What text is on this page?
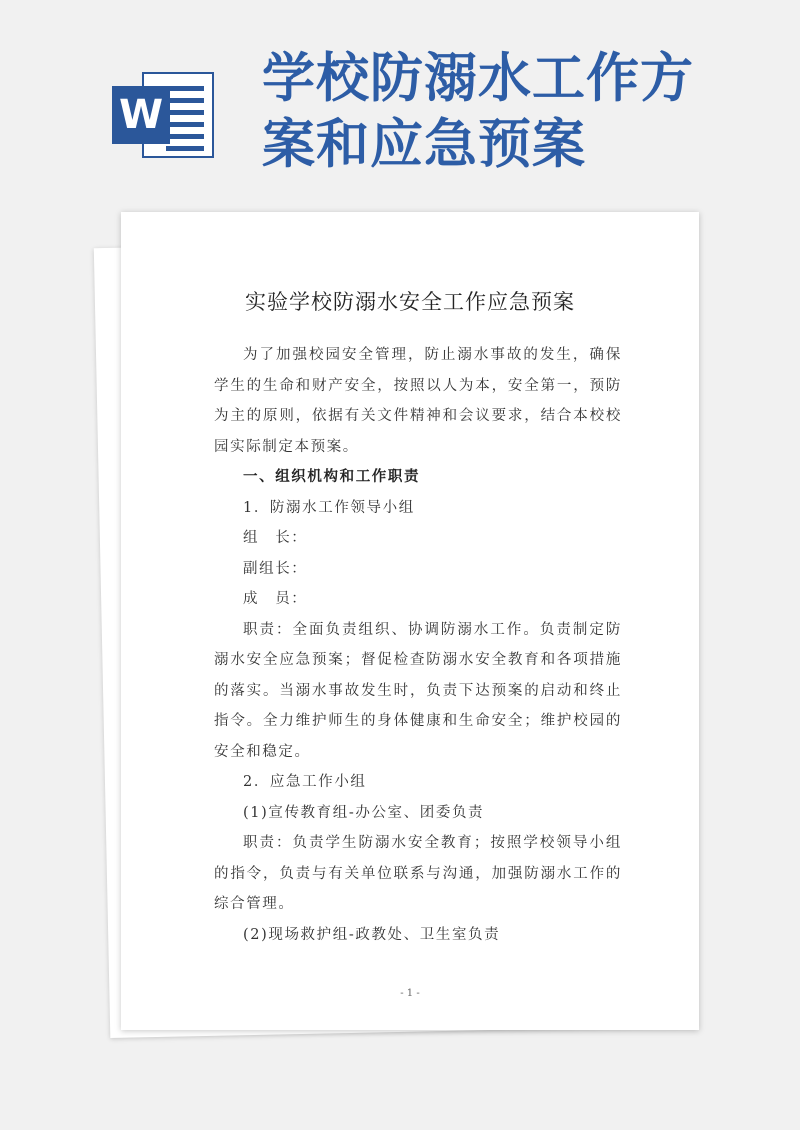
W
学校防溺水工作方
案和应急预案
实验学校防溺水安全工作应急预案

为了加强校园安全管理，防止溺水事故的发生，确保学生的生命和财产安全，按照以人为本，安全第一，预防为主的原则，依据有关文件精神和会议要求，结合本校校园实际制定本预案。

一、组织机构和工作职责

1．防溺水工作领导小组

组　长：

副组长：

成　员：

职责：全面负责组织、协调防溺水工作。负责制定防溺水安全应急预案；督促检查防溺水安全教育和各项措施的落实。当溺水事故发生时，负责下达预案的启动和终止指令。全力维护师生的身体健康和生命安全；维护校园的安全和稳定。

2．应急工作小组

(1)宣传教育组-办公室、团委负责

职责：负责学生防溺水安全教育；按照学校领导小组的指令，负责与有关单位联系与沟通，加强防溺水工作的综合管理。

(2)现场救护组-政教处、卫生室负责

- 1 -
